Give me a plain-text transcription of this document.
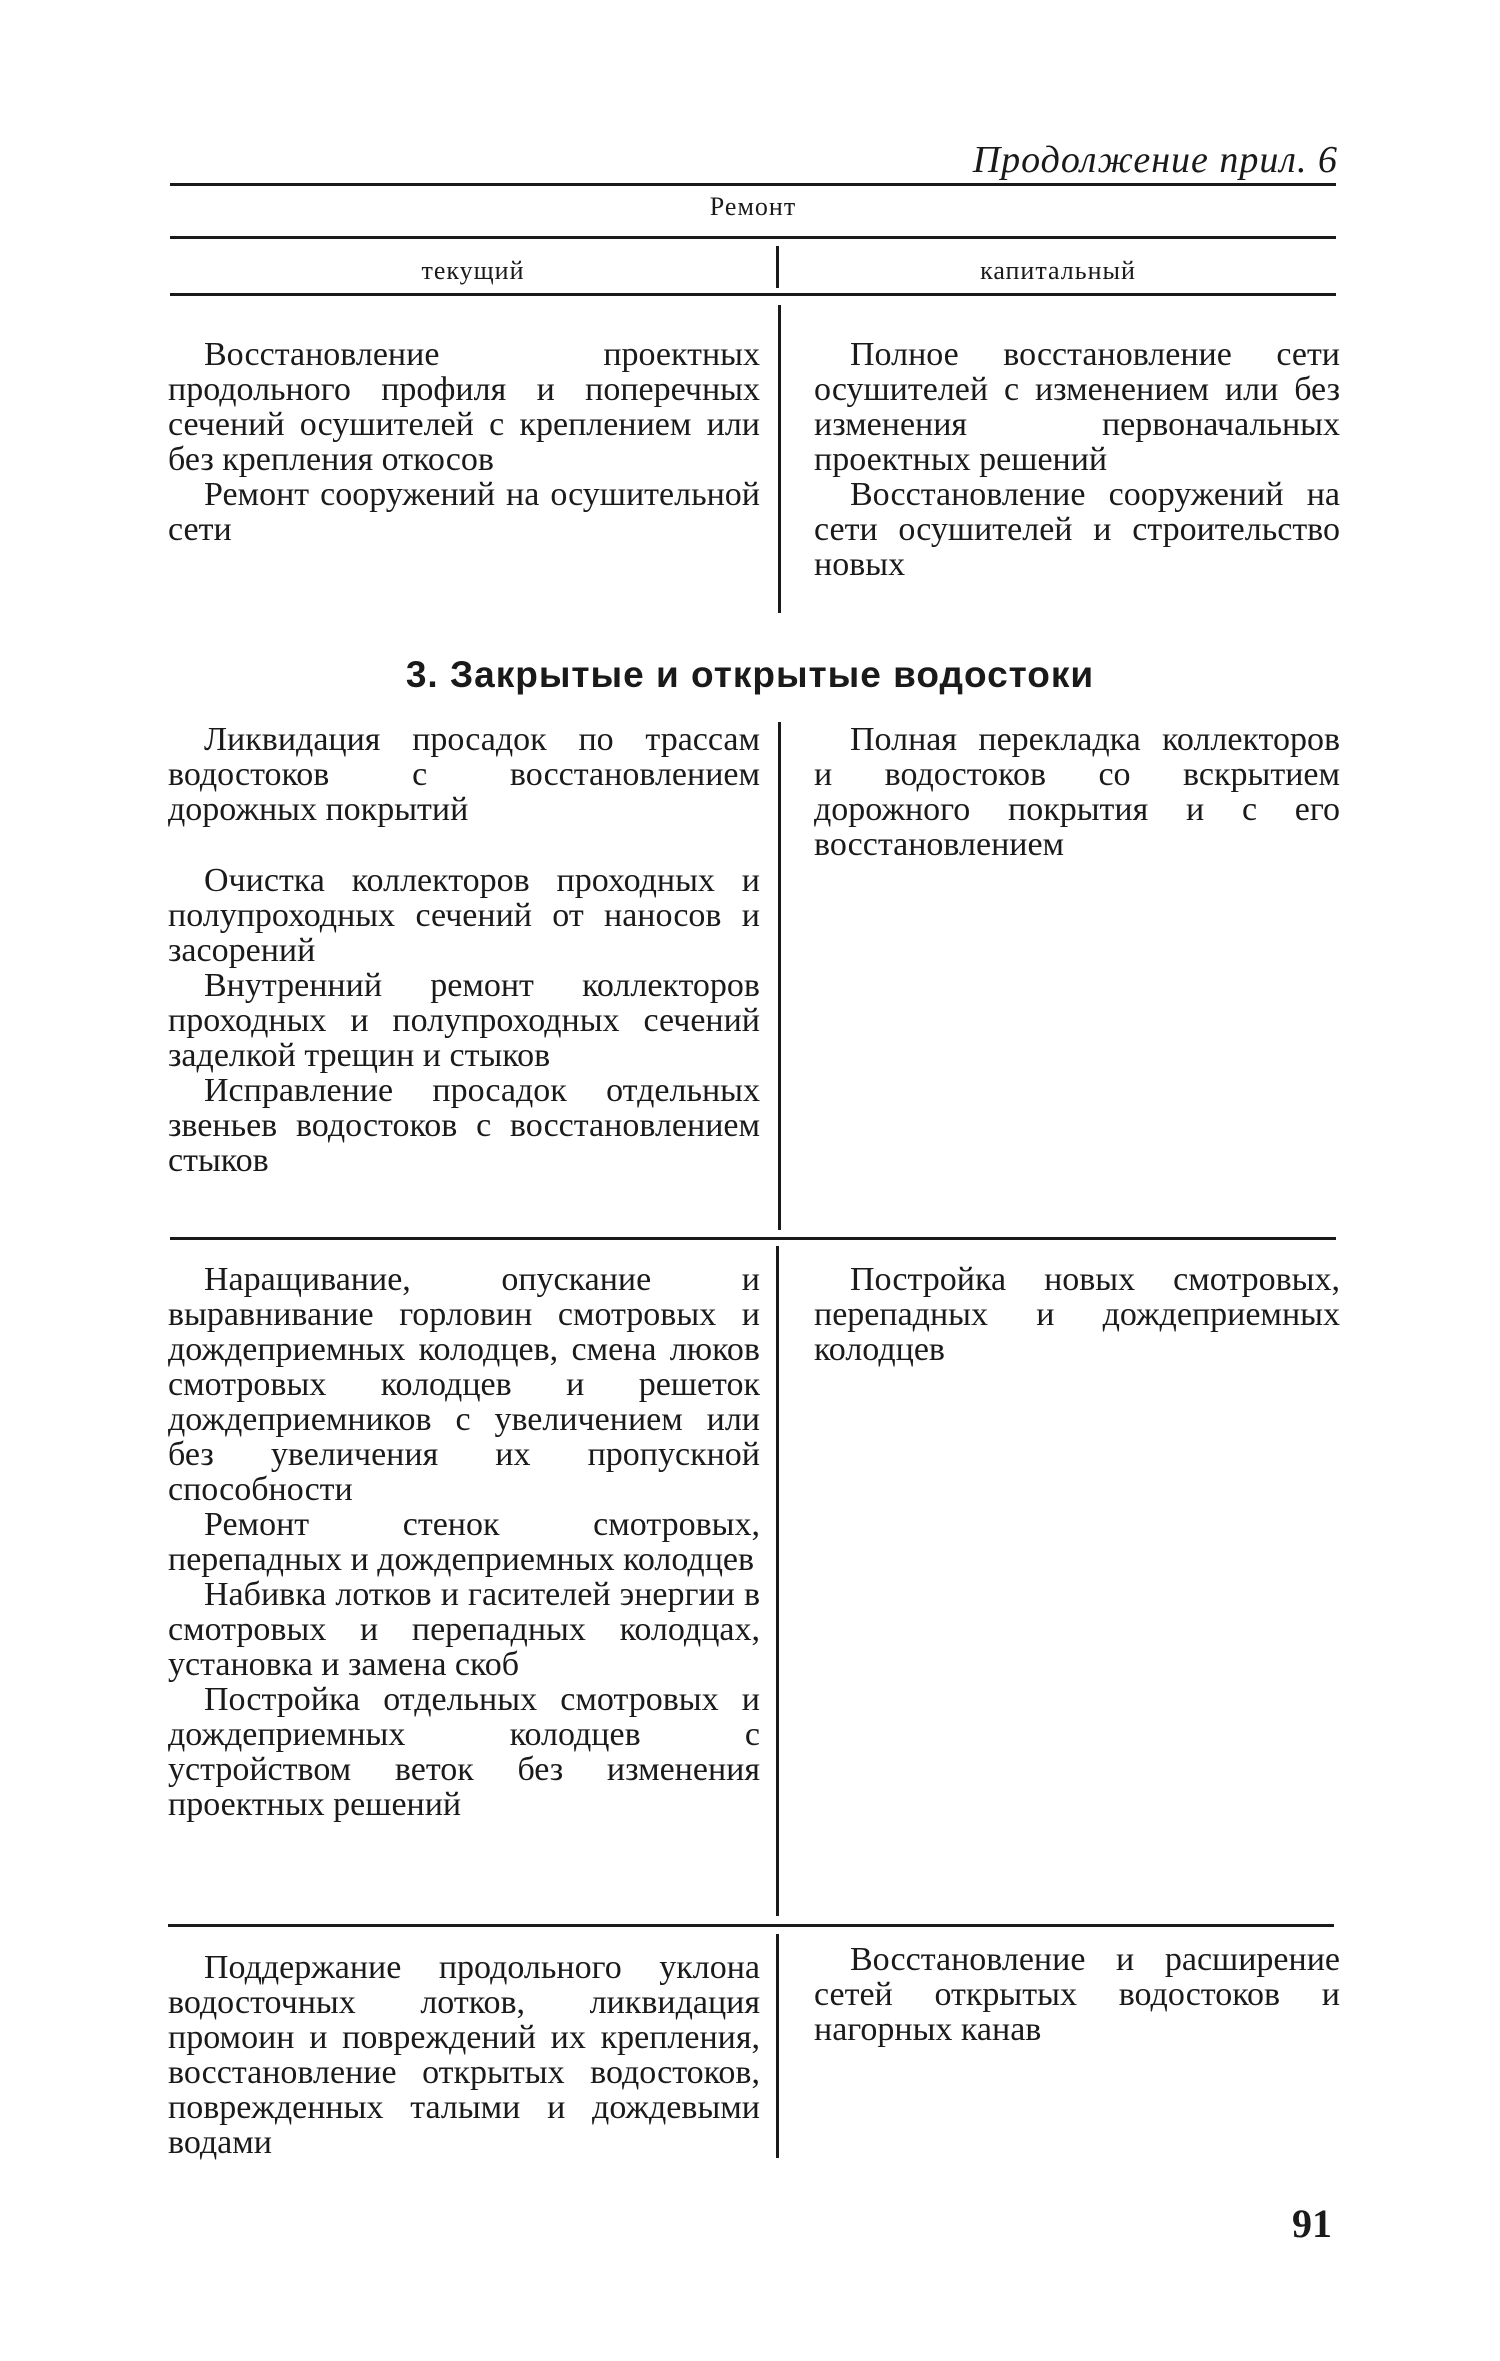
Продолжение прил. 6
Ремонт
текущий	капитальный

Восстановление проектных продольного профиля и поперечных сечений осушителей с креплением или без крепления откосов

Ремонт сооружений на осушительной сети

Полное восстановление сети осушителей с изменением или без изменения первоначальных проектных решений

Восстановление сооружений на сети осушителей и строительство новых

3. Закрытые и открытые водостоки

Ликвидация просадок по трассам водостоков с восстановлением дорожных покрытий

Очистка коллекторов проходных и полупроходных сечений от наносов и засорений

Внутренний ремонт коллекторов проходных и полупроходных сечений заделкой трещин и стыков

Исправление просадок отдельных звеньев водостоков с восстановлением стыков

Полная перекладка коллекторов и водостоков со вскрытием дорожного покрытия и с его восстановлением

Наращивание, опускание и выравнивание горловин смотровых и дождеприемных колодцев, смена люков смотровых колодцев и решеток дождеприемников с увеличением или без увеличения их пропускной способности

Ремонт стенок смотровых, перепадных и дождеприемных колодцев

Набивка лотков и гасителей энергии в смотровых и перепадных колодцах, установка и замена скоб

Постройка отдельных смотровых и дождеприемных колодцев с устройством веток без изменения проектных решений

Постройка новых смотровых, перепадных и дождеприемных колодцев

Поддержание продольного уклона водосточных лотков, ликвидация промоин и повреждений их крепления, восстановление открытых водостоков, поврежденных талыми и дождевыми водами

Восстановление и расширение сетей открытых водостоков и нагорных канав

91
